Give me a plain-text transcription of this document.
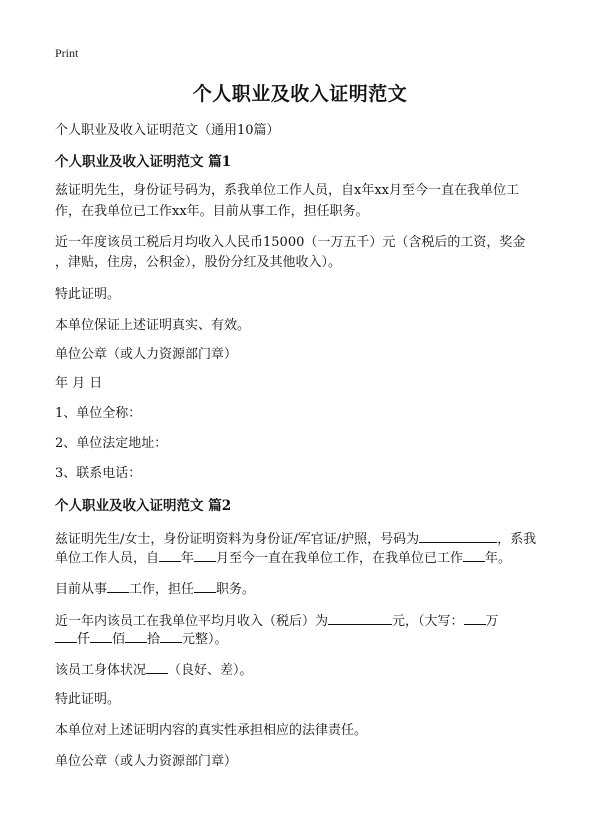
Print
个人职业及收入证明范文
个人职业及收入证明范文（通用10篇）
个人职业及收入证明范文 篇1
兹证明先生，身份证号码为，系我单位工作人员，自x年xx月至今一直在我单位工
作，在我单位已工作xx年。目前从事工作，担任职务。
近一年度该员工税后月均收入人民币15000（一万五千）元（含税后的工资，奖金
，津贴，住房，公积金），股份分红及其他收入）。
特此证明。
本单位保证上述证明真实、有效。
单位公章（或人力资源部门章）
年 月 日
1、单位全称：
2、单位法定地址：
3、联系电话：
个人职业及收入证明范文 篇2
兹证明先生/女士，身份证明资料为身份证/军官证/护照，号码为	，系我
单位工作人员，自 年 月至今一直在我单位工作，在我单位已工作 年。
目前从事 工作，担任 职务。
近一年内该员工在我单位平均月收入（税后）为	元，（大写： 万
仟 佰 拾 元整）。
该员工身体状况 （良好、差）。
特此证明。
本单位对上述证明内容的真实性承担相应的法律责任。
单位公章（或人力资源部门章）
